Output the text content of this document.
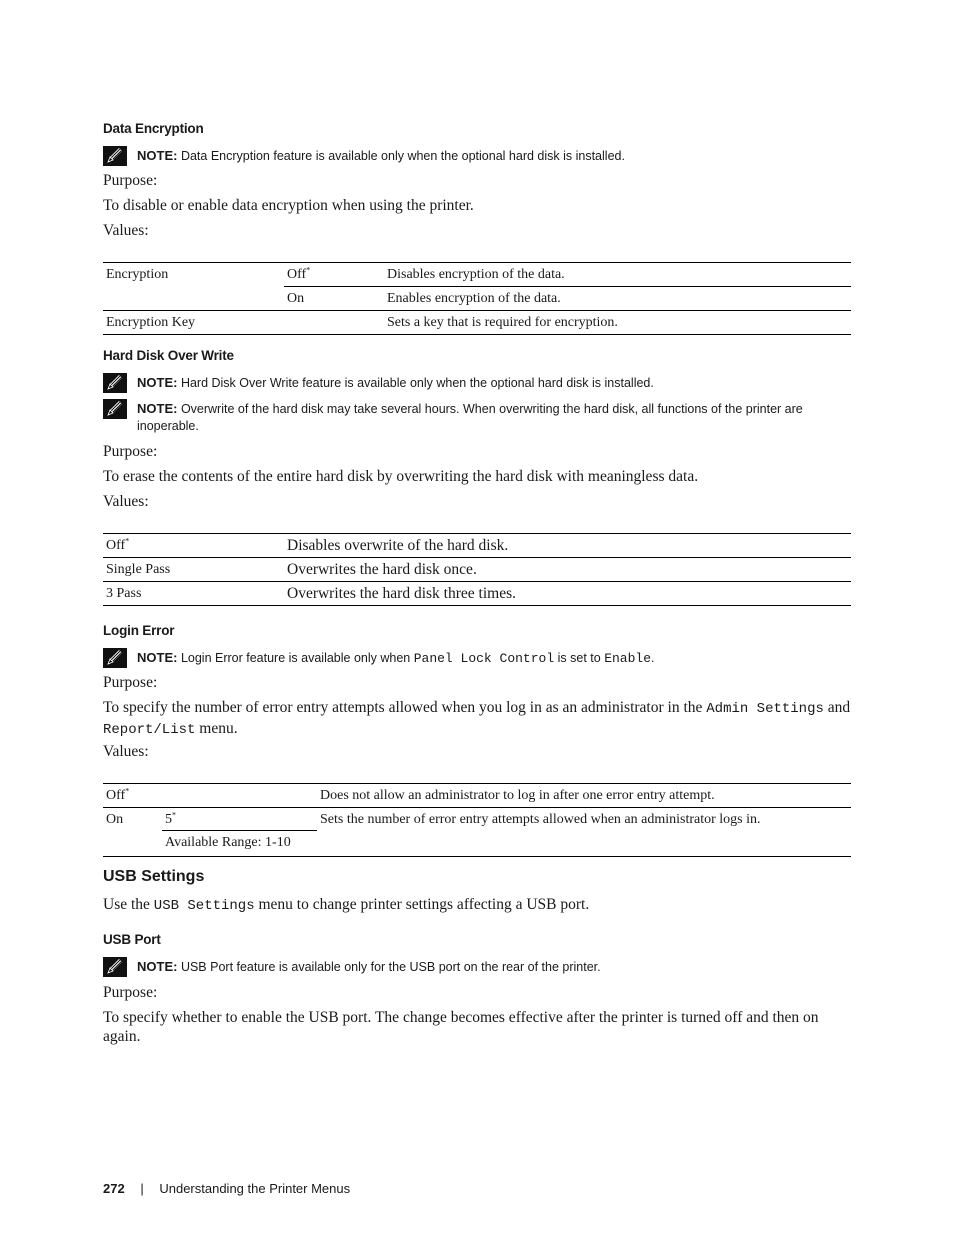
Data Encryption
NOTE: Data Encryption feature is available only when the optional hard disk is installed.
Purpose:
To disable or enable data encryption when using the printer.
Values:
Encryption	Off*	Disables encryption of the data.
	On	Enables encryption of the data.
Encryption Key		Sets a key that is required for encryption.
Hard Disk Over Write
NOTE: Hard Disk Over Write feature is available only when the optional hard disk is installed.
NOTE: Overwrite of the hard disk may take several hours. When overwriting the hard disk, all functions of the printer are inoperable.
Purpose:
To erase the contents of the entire hard disk by overwriting the hard disk with meaningless data.
Values:
Off*	Disables overwrite of the hard disk.
Single Pass	Overwrites the hard disk once.
3 Pass	Overwrites the hard disk three times.
Login Error
NOTE: Login Error feature is available only when Panel Lock Control is set to Enable.
Purpose:
To specify the number of error entry attempts allowed when you log in as an administrator in the Admin Settings and Report/List menu.
Values:
Off*		Does not allow an administrator to log in after one error entry attempt.
On	5*	Sets the number of error entry attempts allowed when an administrator logs in.
	Available Range: 1-10	
USB Settings
Use the USB Settings menu to change printer settings affecting a USB port.
USB Port
NOTE: USB Port feature is available only for the USB port on the rear of the printer.
Purpose:
To specify whether to enable the USB port. The change becomes effective after the printer is turned off and then on again.
272 | Understanding the Printer Menus
